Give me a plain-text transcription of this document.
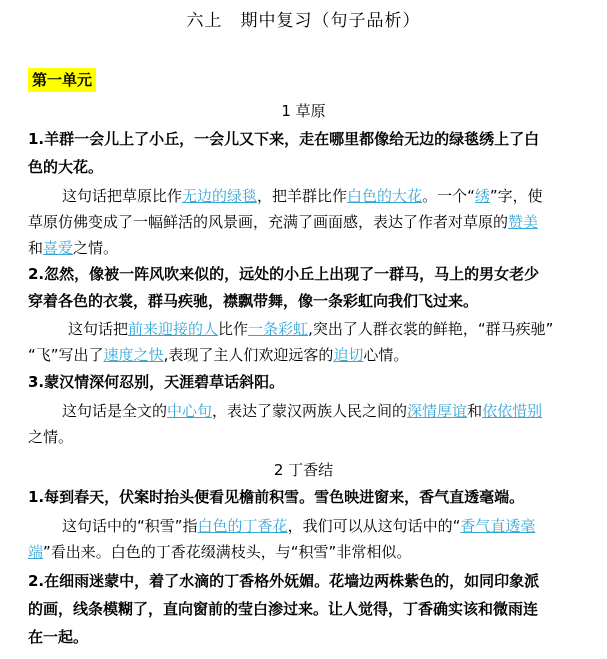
六上　期中复习（句子品析）
第一单元
1 草原
1.羊群一会儿上了小丘，一会儿又下来，走在哪里都像给无边的绿毯绣上了白
色的大花。
这句话把草原比作无边的绿毯，把羊群比作白色的大花。一个“绣”字，使
草原仿佛变成了一幅鲜活的风景画，充满了画面感，表达了作者对草原的赞美
和喜爱之情。
2.忽然，像被一阵风吹来似的，远处的小丘上出现了一群马，马上的男女老少
穿着各色的衣裳，群马疾驰，襟飘带舞，像一条彩虹向我们飞过来。
这句话把前来迎接的人比作一条彩虹,突出了人群衣裳的鲜艳，“群马疾驰”
“飞”写出了速度之快,表现了主人们欢迎远客的迫切心情。
3.蒙汉情深何忍别，天涯碧草话斜阳。
这句话是全文的中心句，表达了蒙汉两族人民之间的深情厚谊和依依惜别
之情。
2 丁香结
1.每到春天，伏案时抬头便看见檐前积雪。雪色映进窗来，香气直透毫端。
这句话中的“积雪”指白色的丁香花，我们可以从这句话中的“香气直透毫
端”看出来。白色的丁香花缀满枝头，与“积雪”非常相似。
2.在细雨迷蒙中，着了水滴的丁香格外妩媚。花墙边两株紫色的，如同印象派
的画，线条模糊了，直向窗前的莹白渗过来。让人觉得，丁香确实该和微雨连
在一起。
